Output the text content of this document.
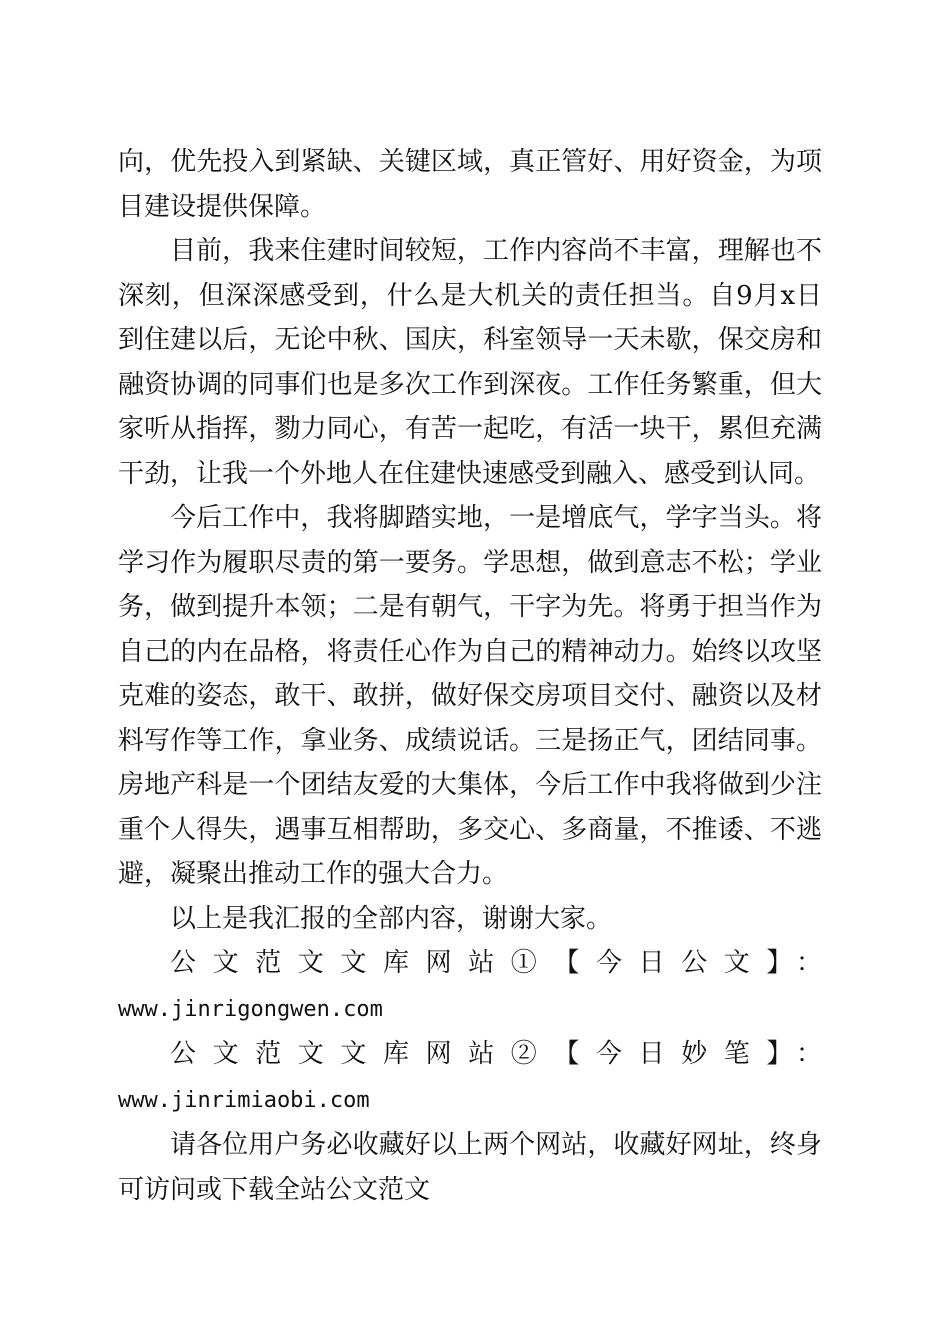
向，优先投入到紧缺、关键区域，真正管好、用好资金，为项目建设提供保障。

目前，我来住建时间较短，工作内容尚不丰富，理解也不深刻，但深深感受到，什么是大机关的责任担当。自9月x日到住建以后，无论中秋、国庆，科室领导一天未歇，保交房和融资协调的同事们也是多次工作到深夜。工作任务繁重，但大家听从指挥，勠力同心，有苦一起吃，有活一块干，累但充满干劲，让我一个外地人在住建快速感受到融入、感受到认同。

今后工作中，我将脚踏实地，一是增底气，学字当头。将学习作为履职尽责的第一要务。学思想，做到意志不松；学业务，做到提升本领；二是有朝气，干字为先。将勇于担当作为自己的内在品格，将责任心作为自己的精神动力。始终以攻坚克难的姿态，敢干、敢拼，做好保交房项目交付、融资以及材料写作等工作，拿业务、成绩说话。三是扬正气，团结同事。房地产科是一个团结友爱的大集体，今后工作中我将做到少注重个人得失，遇事互相帮助，多交心、多商量，不推诿、不逃避，凝聚出推动工作的强大合力。

以上是我汇报的全部内容，谢谢大家。

公文范文文库网站①【今日公文】：

www.jinrigongwen.com

公文范文文库网站②【今日妙笔】：www.jinrimiaobi.com

请各位用户务必收藏好以上两个网站，收藏好网址，终身可访问或下载全站公文范文
